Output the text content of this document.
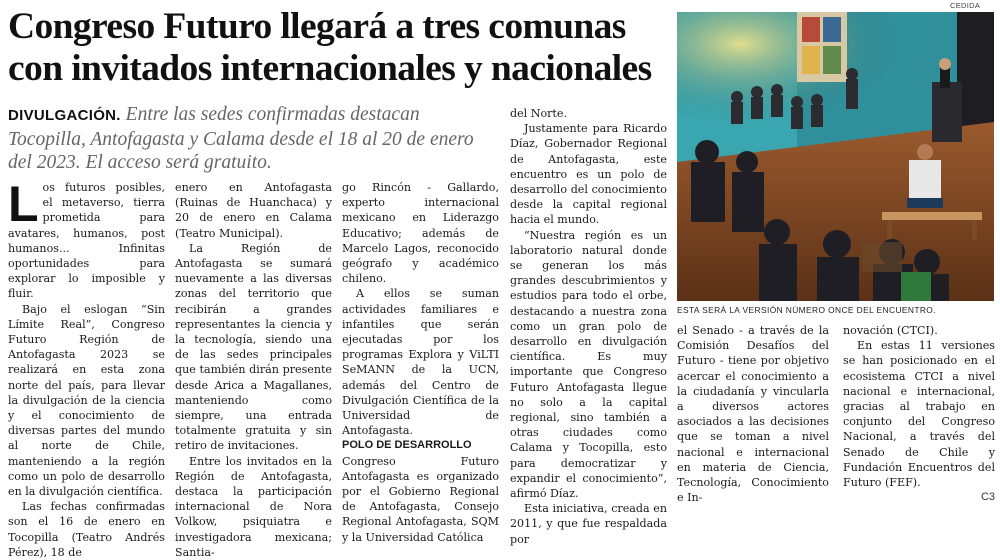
Congreso Futuro llegará a tres comunas con invitados internacionales y nacionales

DIVULGACIÓN. Entre las sedes confirmadas destacan Tocopilla, Antofagasta y Calama desde el 18 al 20 de enero del 2023. El acceso será gratuito.

L os futuros posibles, el metaverso, tierra prometida para avatares, humanos, post humanos... Infinitas oportunidades para explorar lo imposible y fluir.

Bajo el eslogan “Sin Límite Real”, Congreso Futuro Región de Antofagasta 2023 se realizará en esta zona norte del país, para llevar la divulgación de la ciencia y el conocimiento de diversas partes del mundo al norte de Chile, manteniendo a la región como un polo de desarrollo en la divulgación científica.

Las fechas confirmadas son el 16 de enero en Tocopilla (Teatro Andrés Pérez), 18 de

enero en Antofagasta (Ruinas de Huanchaca) y 20 de enero en Calama (Teatro Municipal).

La Región de Antofagasta se sumará nuevamente a las diversas zonas del territorio que recibirán a grandes representantes la ciencia y la tecnología, siendo una de las sedes principales que también dirán presente desde Arica a Magallanes, manteniendo como siempre, una entrada totalmente gratuita y sin retiro de invitaciones.

Entre los invitados en la Región de Antofagasta, destaca la participación internacional de Nora Volkow, psiquiatra e investigadora mexicana; Santia-

go Rincón - Gallardo, experto internacional mexicano en Liderazgo Educativo; además de Marcelo Lagos, reconocido geógrafo y académico chileno.

A ellos se suman actividades familiares e infantiles que serán ejecutadas por los programas Explora y ViLTI SeMANN de la UCN, además del Centro de Divulgación Científica de la Universidad de Antofagasta.

POLO DE DESARROLLO

Congreso Futuro Antofagasta es organizado por el Gobierno Regional de Antofagasta, Consejo Regional Antofagasta, SQM y la Universidad Católica

del Norte.

Justamente para Ricardo Díaz, Gobernador Regional de Antofagasta, este encuentro es un polo de desarrollo del conocimiento desde la capital regional hacia el mundo.

“Nuestra región es un laboratorio natural donde se generan los más grandes descubrimientos y estudios para todo el orbe, destacando a nuestra zona como un gran polo de desarrollo en divulgación científica. Es muy importante que Congreso Futuro Antofagasta llegue no solo a la capital regional, sino también a otras ciudades como Calama y Tocopilla, esto para democratizar y expandir el conocimiento”, afirmó Díaz.

Esta iniciativa, creada en 2011, y que fue respaldada por

CEDIDA
ESTA SERÁ LA VERSIÓN NÚMERO ONCE DEL ENCUENTRO.

el Senado - a través de la Comisión Desafíos del Futuro - tiene por objetivo acercar el conocimiento a la ciudadanía y vincularla a diversos actores asociados a las decisiones que se toman a nivel nacional e internacional en materia de Ciencia, Tecnología, Conocimiento e In-

novación (CTCI).

En estas 11 versiones se han posicionado en el ecosistema CTCI a nivel nacional e internacional, gracias al trabajo en conjunto del Congreso Nacional, a través del Senado de Chile y Fundación Encuentros del Futuro (FEF).

C3
